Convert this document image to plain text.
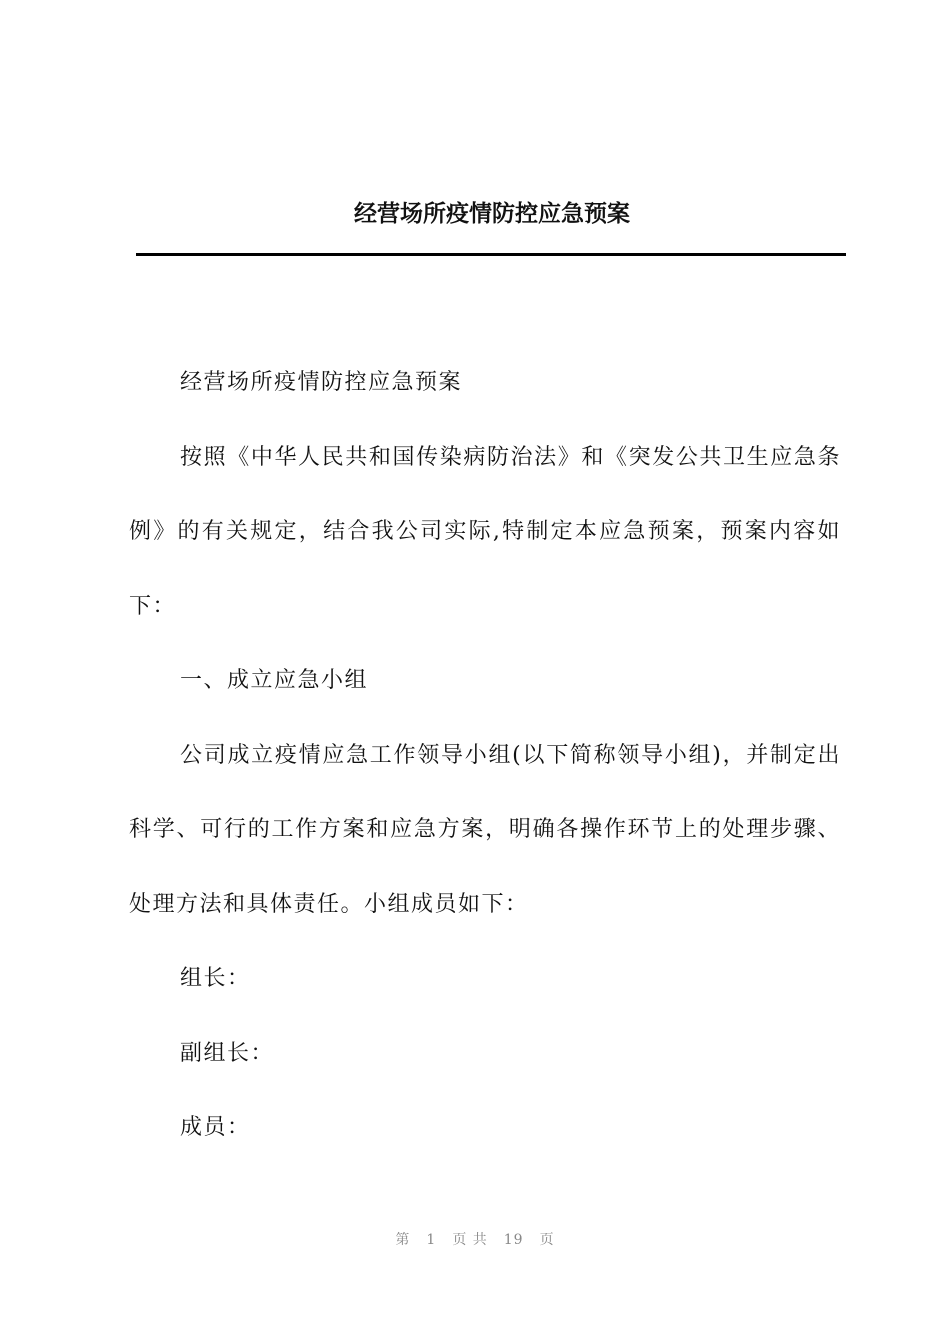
经营场所疫情防控应急预案

经营场所疫情防控应急预案

按照《中华人民共和国传染病防治法》和《突发公共卫生应急条例》的有关规定，结合我公司实际,特制定本应急预案，预案内容如下：

一、成立应急小组

公司成立疫情应急工作领导小组(以下简称领导小组)，并制定出科学、可行的工作方案和应急方案，明确各操作环节上的处理步骤、处理方法和具体责任。小组成员如下：

组长：

副组长：

成员：

第 1 页 共 19 页
